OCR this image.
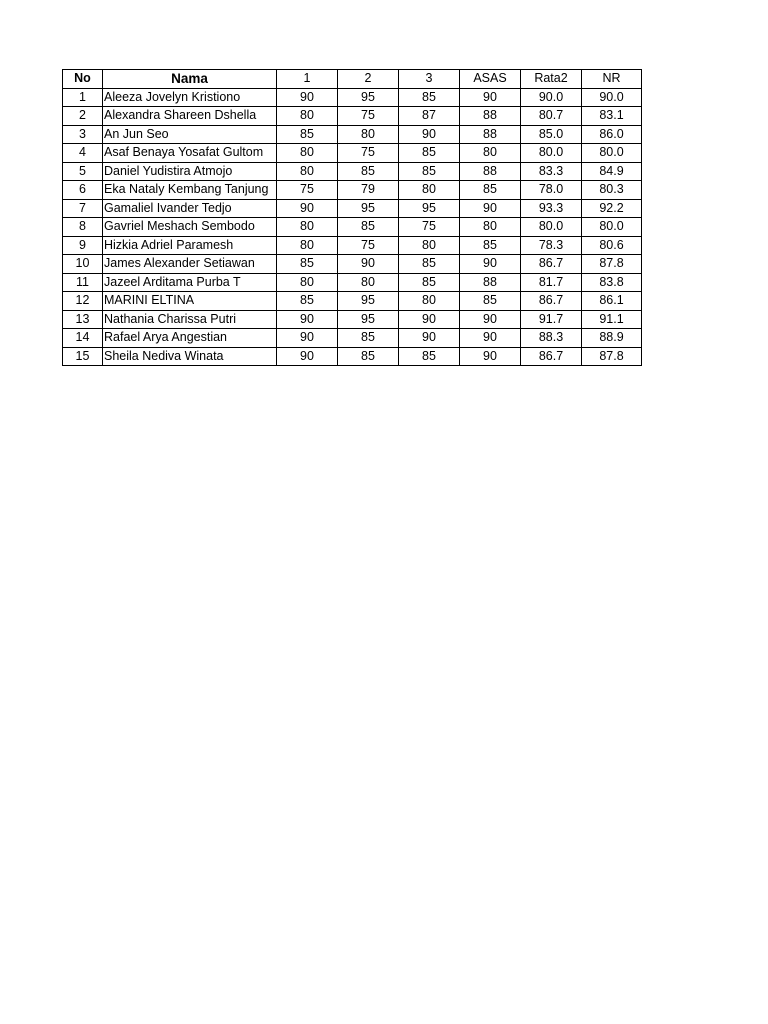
No	Nama	1	2	3	ASAS	Rata2	NR
1	Aleeza Jovelyn Kristiono	90	95	85	90	90.0	90.0
2	Alexandra Shareen Dshella	80	75	87	88	80.7	83.1
3	An Jun Seo	85	80	90	88	85.0	86.0
4	Asaf Benaya Yosafat Gultom	80	75	85	80	80.0	80.0
5	Daniel Yudistira Atmojo	80	85	85	88	83.3	84.9
6	Eka Nataly Kembang Tanjung	75	79	80	85	78.0	80.3
7	Gamaliel Ivander Tedjo	90	95	95	90	93.3	92.2
8	Gavriel Meshach Sembodo	80	85	75	80	80.0	80.0
9	Hizkia Adriel Paramesh	80	75	80	85	78.3	80.6
10	James Alexander Setiawan	85	90	85	90	86.7	87.8
11	Jazeel Arditama Purba T	80	80	85	88	81.7	83.8
12	MARINI ELTINA	85	95	80	85	86.7	86.1
13	Nathania Charissa Putri	90	95	90	90	91.7	91.1
14	Rafael Arya Angestian	90	85	90	90	88.3	88.9
15	Sheila Nediva Winata	90	85	85	90	86.7	87.8
